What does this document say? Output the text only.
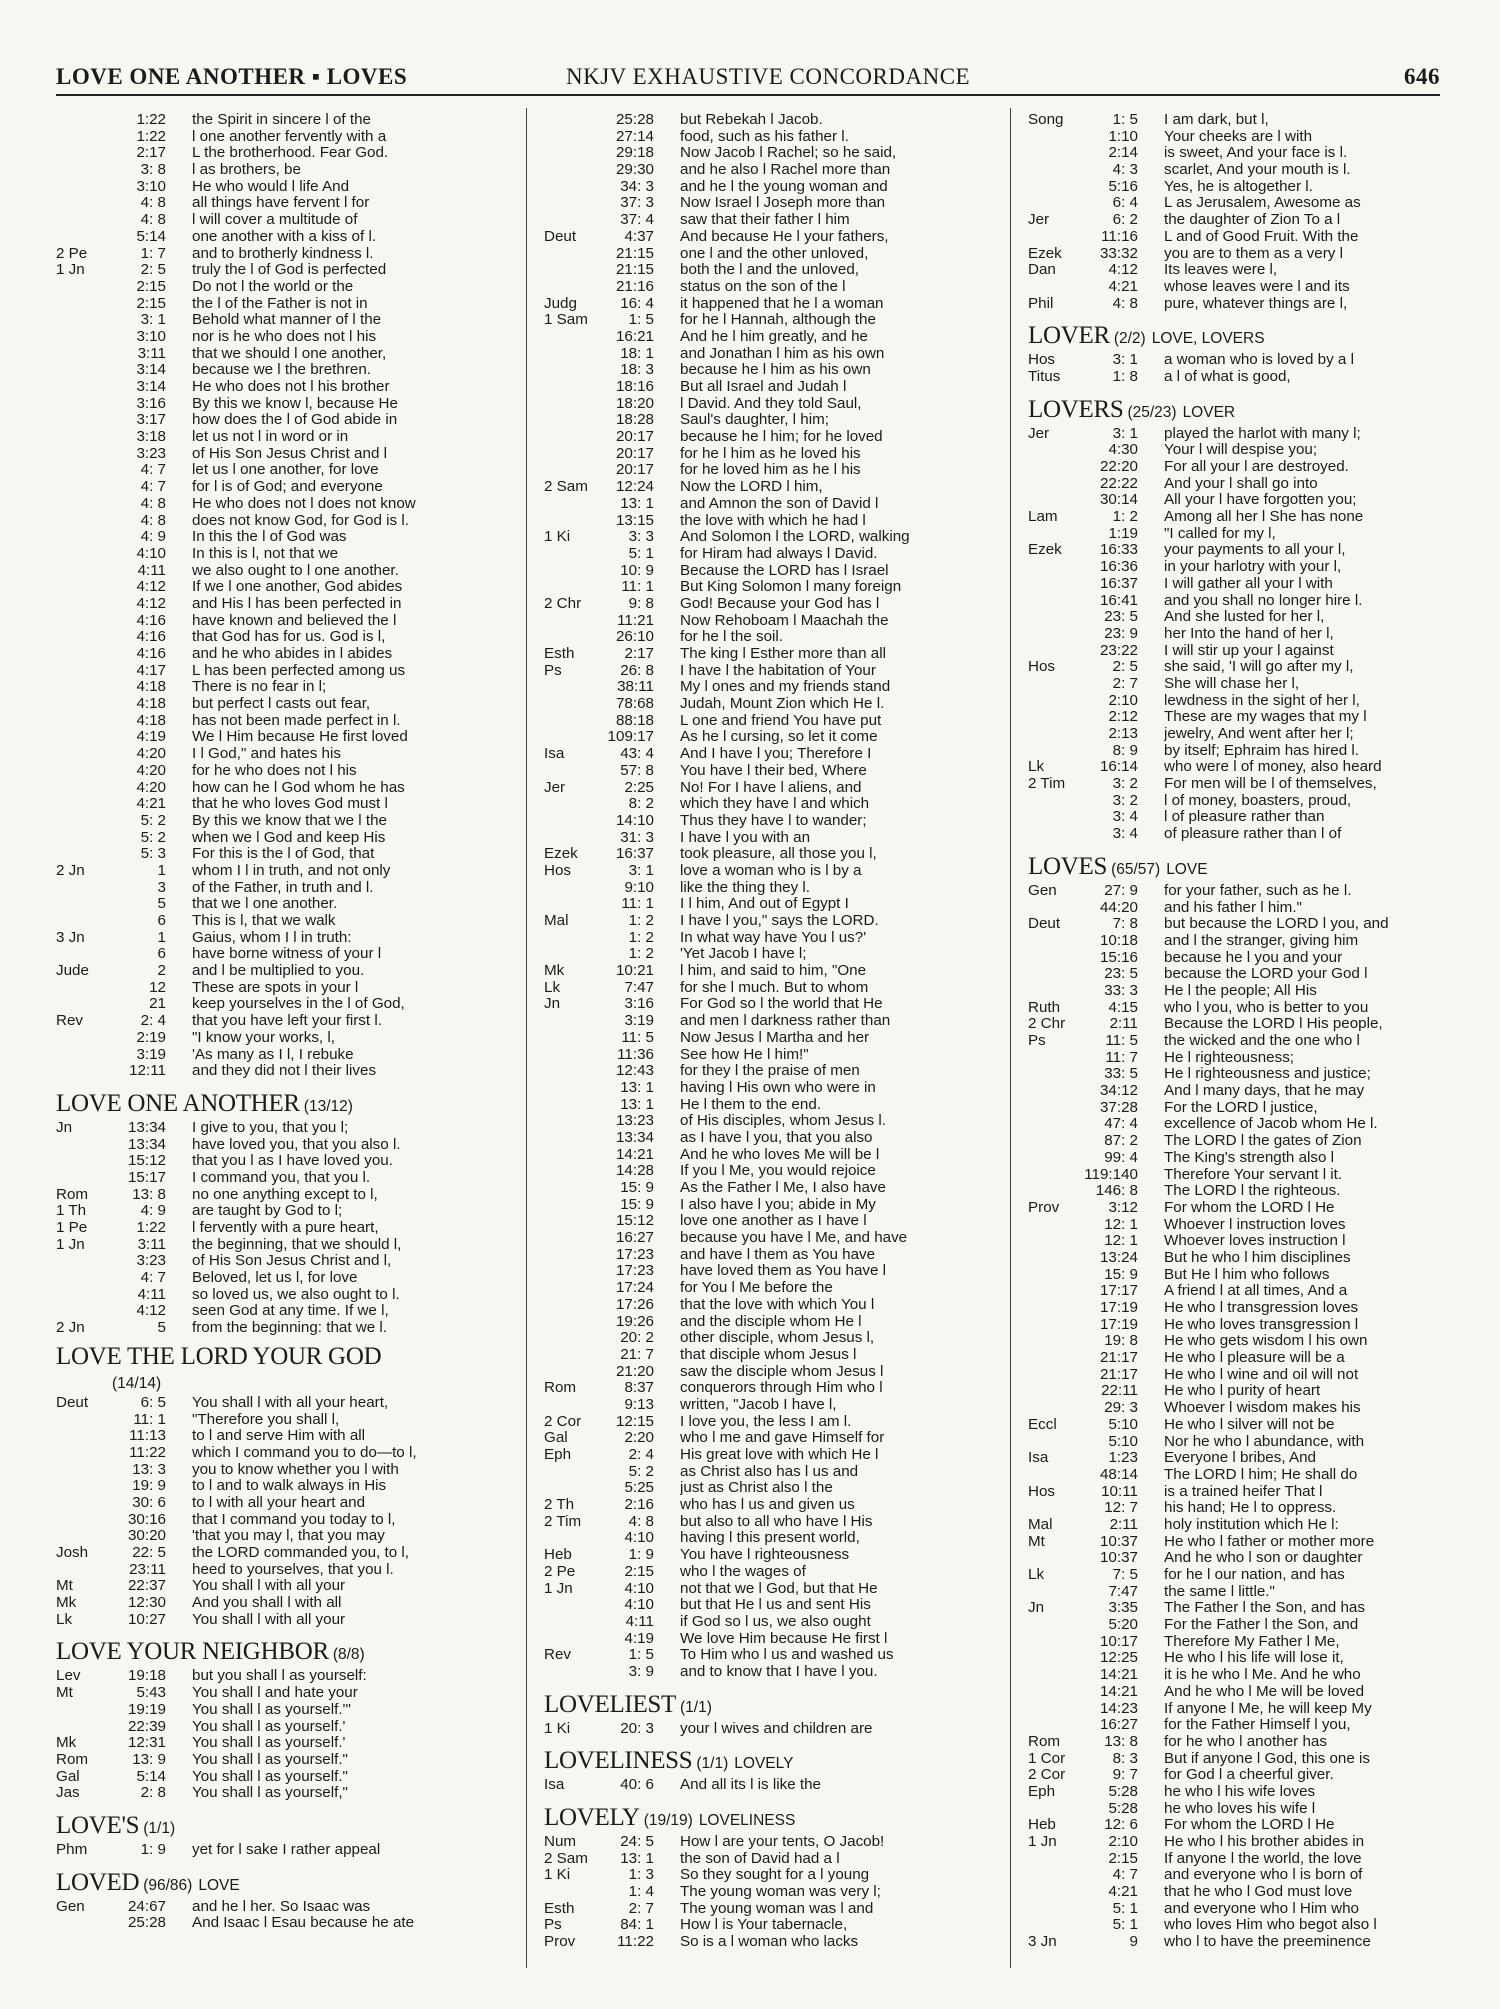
LOVE ONE ANOTHER ▪ LOVES	NKJV EXHAUSTIVE CONCORDANCE	646
1:22 the Spirit in sincere l of the
1:22 l one another fervently with a
2:17 L the brotherhood. Fear God.
3: 8 l as brothers, be
3:10 He who would l life And
4: 8 all things have fervent l for
4: 8 l will cover a multitude of
5:14 one another with a kiss of l.
2 Pe	1: 7 and to brotherly kindness l.
1 Jn	2: 5 truly the l of God is perfected
2:15 Do not l the world or the
2:15 the l of the Father is not in
3: 1 Behold what manner of l the
3:10 nor is he who does not l his
3:11 that we should l one another,
3:14 because we l the brethren.
3:14 He who does not l his brother
3:16 By this we know l, because He
3:17 how does the l of God abide in
3:18 let us not l in word or in
3:23 of His Son Jesus Christ and l
4: 7 let us l one another, for love
4: 7 for l is of God; and everyone
4: 8 He who does not l does not know
4: 8 does not know God, for God is l.
4: 9 In this the l of God was
4:10 In this is l, not that we
4:11 we also ought to l one another.
4:12 If we l one another, God abides
4:12 and His l has been perfected in
4:16 have known and believed the l
4:16 that God has for us. God is l,
4:16 and he who abides in l abides
4:17 L has been perfected among us
4:18 There is no fear in l;
4:18 but perfect l casts out fear,
4:18 has not been made perfect in l.
4:19 We l Him because He first loved
4:20 I l God," and hates his
4:20 for he who does not l his
4:20 how can he l God whom he has
4:21 that he who loves God must l
5: 2 By this we know that we l the
5: 2 when we l God and keep His
5: 3 For this is the l of God, that
2 Jn	1 whom I l in truth, and not only
3 of the Father, in truth and l.
5 that we l one another.
6 This is l, that we walk
3 Jn	1 Gaius, whom I l in truth:
6 have borne witness of your l
Jude	2 and l be multiplied to you.
12 These are spots in your l
21 keep yourselves in the l of God,
Rev	2: 4 that you have left your first l.
2:19 "I know your works, l,
3:19 'As many as I l, I rebuke
12:11 and they did not l their lives
LOVE ONE ANOTHER (13/12)
Jn	13:34 I give to you, that you l;
13:34 have loved you, that you also l.
15:12 that you l as I have loved you.
15:17 I command you, that you l.
Rom	13: 8 no one anything except to l,
1 Th	4: 9 are taught by God to l;
1 Pe	1:22 l fervently with a pure heart,
1 Jn	3:11 the beginning, that we should l,
3:23 of His Son Jesus Christ and l,
4: 7 Beloved, let us l, for love
4:11 so loved us, we also ought to l.
4:12 seen God at any time. If we l,
2 Jn	5 from the beginning: that we l.
LOVE THE LORD YOUR GOD
(14/14)
Deut	6: 5 You shall l with all your heart,
11: 1 "Therefore you shall l,
11:13 to l and serve Him with all
11:22 which I command you to do—to l,
13: 3 you to know whether you l with
19: 9 to l and to walk always in His
30: 6 to l with all your heart and
30:16 that I command you today to l,
30:20 'that you may l, that you may
Josh	22: 5 the LORD commanded you, to l,
23:11 heed to yourselves, that you l.
Mt	22:37 You shall l with all your
Mk	12:30 And you shall l with all
Lk	10:27 You shall l with all your
LOVE YOUR NEIGHBOR (8/8)
Lev	19:18 but you shall l as yourself:
Mt	5:43 You shall l and hate your
19:19 You shall l as yourself.'"
22:39 You shall l as yourself.'
Mk	12:31 You shall l as yourself.'
Rom	13: 9 You shall l as yourself."
Gal	5:14 You shall l as yourself."
Jas	2: 8 You shall l as yourself,"
LOVE'S (1/1)
Phm	1: 9 yet for l sake I rather appeal
LOVED (96/86) LOVE
Gen	24:67 and he l her. So Isaac was
25:28 And Isaac l Esau because he ate
25:28 but Rebekah l Jacob.
27:14 food, such as his father l.
29:18 Now Jacob l Rachel; so he said,
29:30 and he also l Rachel more than
34: 3 and he l the young woman and
37: 3 Now Israel l Joseph more than
37: 4 saw that their father l him
Deut	4:37 And because He l your fathers,
21:15 one l and the other unloved,
21:15 both the l and the unloved,
21:16 status on the son of the l
Judg	16: 4 it happened that he l a woman
1 Sam	1: 5 for he l Hannah, although the
16:21 And he l him greatly, and he
18: 1 and Jonathan l him as his own
18: 3 because he l him as his own
18:16 But all Israel and Judah l
18:20 l David. And they told Saul,
18:28 Saul's daughter, l him;
20:17 because he l him; for he loved
20:17 for he l him as he loved his
20:17 for he loved him as he l his
2 Sam	12:24 Now the LORD l him,
13: 1 and Amnon the son of David l
13:15 the love with which he had l
1 Ki	3: 3 And Solomon l the LORD, walking
5: 1 for Hiram had always l David.
10: 9 Because the LORD has l Israel
11: 1 But King Solomon l many foreign
2 Chr	9: 8 God! Because your God has l
11:21 Now Rehoboam l Maachah the
26:10 for he l the soil.
Esth	2:17 The king l Esther more than all
Ps	26: 8 I have l the habitation of Your
38:11 My l ones and my friends stand
78:68 Judah, Mount Zion which He l.
88:18 L one and friend You have put
109:17 As he l cursing, so let it come
Isa	43: 4 And I have l you; Therefore I
57: 8 You have l their bed, Where
Jer	2:25 No! For I have l aliens, and
8: 2 which they have l and which
14:10 Thus they have l to wander;
31: 3 I have l you with an
Ezek	16:37 took pleasure, all those you l,
Hos	3: 1 love a woman who is l by a
9:10 like the thing they l.
11: 1 I l him, And out of Egypt I
Mal	1: 2 I have l you," says the LORD.
1: 2 In what way have You l us?'
1: 2 'Yet Jacob I have l;
Mk	10:21 l him, and said to him, "One
Lk	7:47 for she l much. But to whom
Jn	3:16 For God so l the world that He
3:19 and men l darkness rather than
11: 5 Now Jesus l Martha and her
11:36 See how He l him!"
12:43 for they l the praise of men
13: 1 having l His own who were in
13: 1 He l them to the end.
13:23 of His disciples, whom Jesus l.
13:34 as I have l you, that you also
14:21 And he who loves Me will be l
14:28 If you l Me, you would rejoice
15: 9 As the Father l Me, I also have
15: 9 I also have l you; abide in My
15:12 love one another as I have l
16:27 because you have l Me, and have
17:23 and have l them as You have
17:23 have loved them as You have l
17:24 for You l Me before the
17:26 that the love with which You l
19:26 and the disciple whom He l
20: 2 other disciple, whom Jesus l,
21: 7 that disciple whom Jesus l
21:20 saw the disciple whom Jesus l
Rom	8:37 conquerors through Him who l
9:13 written, "Jacob I have l,
2 Cor	12:15 I love you, the less I am l.
Gal	2:20 who l me and gave Himself for
Eph	2: 4 His great love with which He l
5: 2 as Christ also has l us and
5:25 just as Christ also l the
2 Th	2:16 who has l us and given us
2 Tim	4: 8 but also to all who have l His
4:10 having l this present world,
Heb	1: 9 You have l righteousness
2 Pe	2:15 who l the wages of
1 Jn	4:10 not that we l God, but that He
4:10 but that He l us and sent His
4:11 if God so l us, we also ought
4:19 We love Him because He first l
Rev	1: 5 To Him who l us and washed us
3: 9 and to know that I have l you.
LOVELIEST (1/1)
1 Ki	20: 3 your l wives and children are
LOVELINESS (1/1) LOVELY
Isa	40: 6 And all its l is like the
LOVELY (19/19) LOVELINESS
Num	24: 5 How l are your tents, O Jacob!
2 Sam	13: 1 the son of David had a l
1 Ki	1: 3 So they sought for a l young
1: 4 The young woman was very l;
Esth	2: 7 The young woman was l and
Ps	84: 1 How l is Your tabernacle,
Prov	11:22 So is a l woman who lacks
Song	1: 5 I am dark, but l,
1:10 Your cheeks are l with
2:14 is sweet, And your face is l.
4: 3 scarlet, And your mouth is l.
5:16 Yes, he is altogether l.
6: 4 L as Jerusalem, Awesome as
Jer	6: 2 the daughter of Zion To a l
11:16 L and of Good Fruit. With the
Ezek	33:32 you are to them as a very l
Dan	4:12 Its leaves were l,
4:21 whose leaves were l and its
Phil	4: 8 pure, whatever things are l,
LOVER (2/2) LOVE, LOVERS
Hos	3: 1 a woman who is loved by a l
Titus	1: 8 a l of what is good,
LOVERS (25/23) LOVER
Jer	3: 1 played the harlot with many l;
4:30 Your l will despise you;
22:20 For all your l are destroyed.
22:22 And your l shall go into
30:14 All your l have forgotten you;
Lam	1: 2 Among all her l She has none
1:19 "I called for my l,
Ezek	16:33 your payments to all your l,
16:36 in your harlotry with your l,
16:37 I will gather all your l with
16:41 and you shall no longer hire l.
23: 5 And she lusted for her l,
23: 9 her Into the hand of her l,
23:22 I will stir up your l against
Hos	2: 5 she said, 'I will go after my l,
2: 7 She will chase her l,
2:10 lewdness in the sight of her l,
2:12 These are my wages that my l
2:13 jewelry, And went after her l;
8: 9 by itself; Ephraim has hired l.
Lk	16:14 who were l of money, also heard
2 Tim	3: 2 For men will be l of themselves,
3: 2 l of money, boasters, proud,
3: 4 l of pleasure rather than
3: 4 of pleasure rather than l of
LOVES (65/57) LOVE
Gen	27: 9 for your father, such as he l.
44:20 and his father l him."
Deut	7: 8 but because the LORD l you, and
10:18 and l the stranger, giving him
15:16 because he l you and your
23: 5 because the LORD your God l
33: 3 He l the people; All His
Ruth	4:15 who l you, who is better to you
2 Chr	2:11 Because the LORD l His people,
Ps	11: 5 the wicked and the one who l
11: 7 He l righteousness;
33: 5 He l righteousness and justice;
34:12 And l many days, that he may
37:28 For the LORD l justice,
47: 4 excellence of Jacob whom He l.
87: 2 The LORD l the gates of Zion
99: 4 The King's strength also l
119:140 Therefore Your servant l it.
146: 8 The LORD l the righteous.
Prov	3:12 For whom the LORD l He
12: 1 Whoever l instruction loves
12: 1 Whoever loves instruction l
13:24 But he who l him disciplines
15: 9 But He l him who follows
17:17 A friend l at all times, And a
17:19 He who l transgression loves
17:19 He who loves transgression l
19: 8 He who gets wisdom l his own
21:17 He who l pleasure will be a
21:17 He who l wine and oil will not
22:11 He who l purity of heart
29: 3 Whoever l wisdom makes his
Eccl	5:10 He who l silver will not be
5:10 Nor he who l abundance, with
Isa	1:23 Everyone l bribes, And
48:14 The LORD l him; He shall do
Hos	10:11 is a trained heifer That l
12: 7 his hand; He l to oppress.
Mal	2:11 holy institution which He l:
Mt	10:37 He who l father or mother more
10:37 And he who l son or daughter
Lk	7: 5 for he l our nation, and has
7:47 the same l little."
Jn	3:35 The Father l the Son, and has
5:20 For the Father l the Son, and
10:17 Therefore My Father l Me,
12:25 He who l his life will lose it,
14:21 it is he who l Me. And he who
14:21 And he who l Me will be loved
14:23 If anyone l Me, he will keep My
16:27 for the Father Himself l you,
Rom	13: 8 for he who l another has
1 Cor	8: 3 But if anyone l God, this one is
2 Cor	9: 7 for God l a cheerful giver.
Eph	5:28 he who l his wife loves
5:28 he who loves his wife l
Heb	12: 6 For whom the LORD l He
1 Jn	2:10 He who l his brother abides in
2:15 If anyone l the world, the love
4: 7 and everyone who l is born of
4:21 that he who l God must love
5: 1 and everyone who l Him who
5: 1 who loves Him who begot also l
3 Jn	9 who l to have the preeminence
